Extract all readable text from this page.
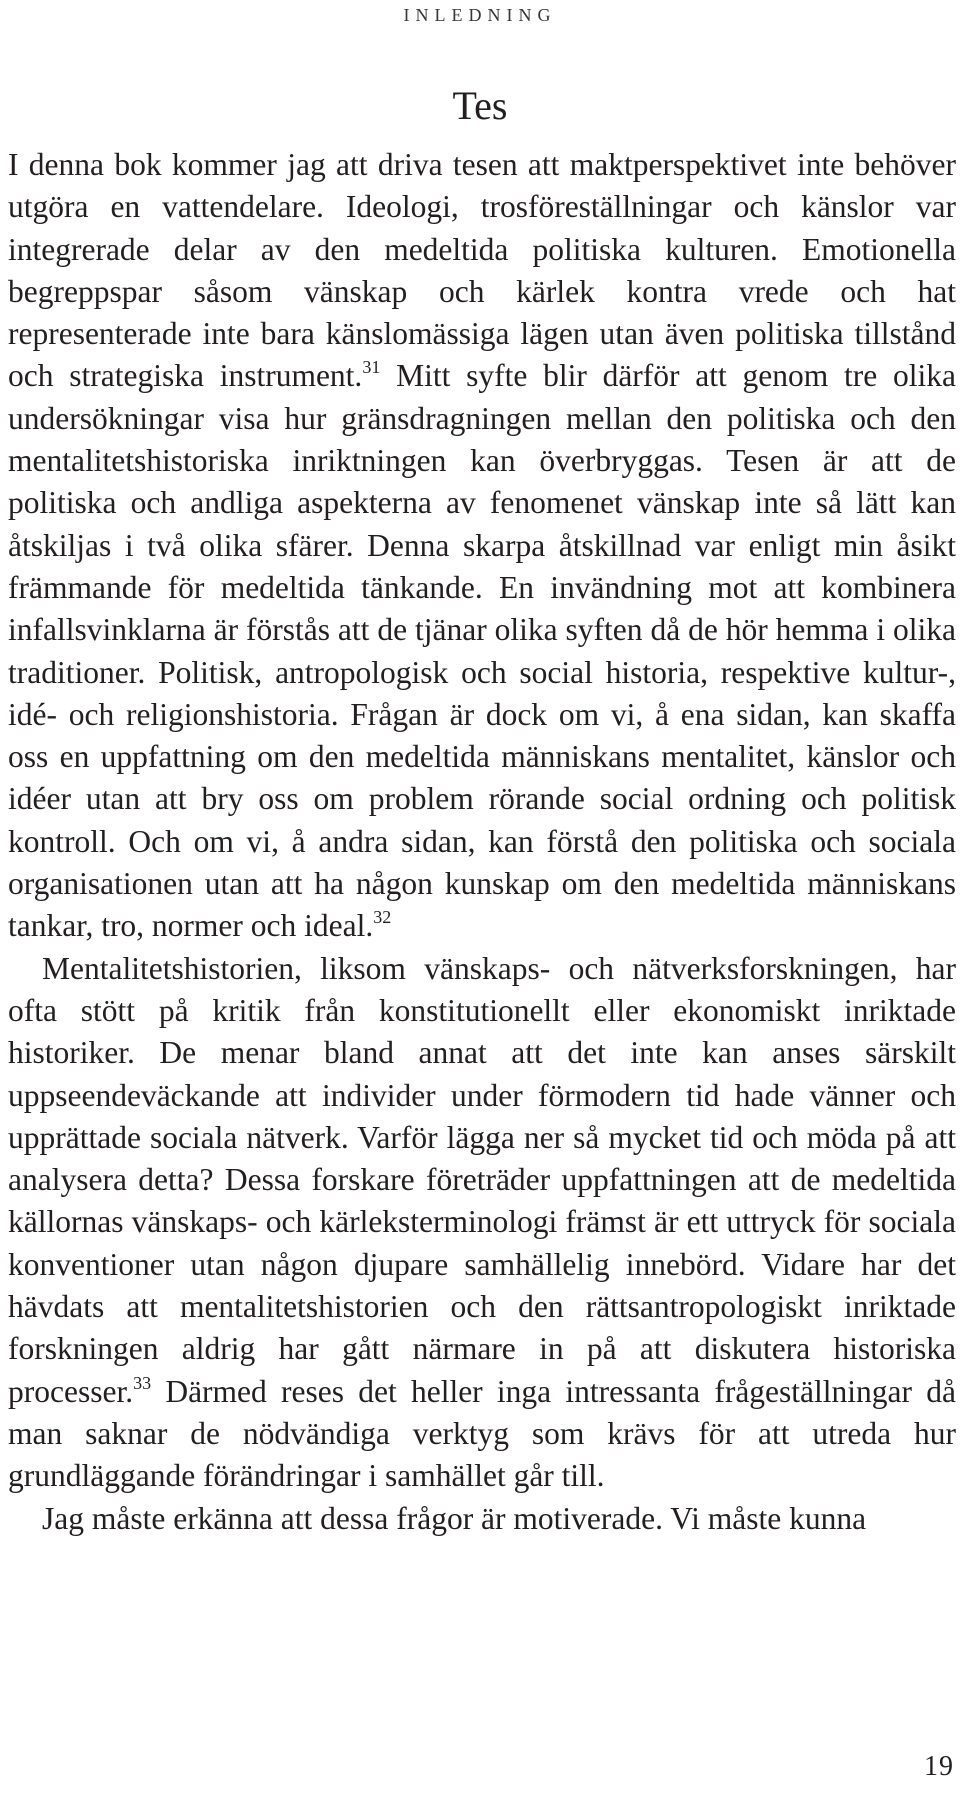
inledning
Tes

I denna bok kommer jag att driva tesen att maktperspektivet inte behöver utgöra en vattendelare. Ideologi, trosföreställningar och känslor var integrerade delar av den medeltida politiska kulturen. Emotionella begreppspar såsom vänskap och kärlek kontra vrede och hat representerade inte bara känslomässiga lägen utan även politiska tillstånd och strategiska instrument.$^{31}$ Mitt syfte blir därför att genom tre olika undersökningar visa hur gränsdragningen mellan den politiska och den mentalitetshistoriska inriktningen kan överbryggas. Tesen är att de politiska och andliga aspekterna av fenomenet vänskap inte så lätt kan åtskiljas i två olika sfärer. Denna skarpa åtskillnad var enligt min åsikt främmande för medeltida tänkande. En invändning mot att kombinera infallsvinklarna är förstås att de tjänar olika syften då de hör hemma i olika traditioner. Politisk, antropologisk och social historia, respektive kultur-, idé- och religionshistoria. Frågan är dock om vi, å ena sidan, kan skaffa oss en uppfattning om den medeltida människans mentalitet, känslor och idéer utan att bry oss om problem rörande social ordning och politisk kontroll. Och om vi, å andra sidan, kan förstå den politiska och sociala organisationen utan att ha någon kunskap om den medeltida människans tankar, tro, normer och ideal.$^{32}$

Mentalitetshistorien, liksom vänskaps- och nätverksforskningen, har ofta stött på kritik från konstitutionellt eller ekonomiskt inriktade historiker. De menar bland annat att det inte kan anses särskilt uppseendeväckande att individer under förmodern tid hade vänner och upprättade sociala nätverk. Varför lägga ner så mycket tid och möda på att analysera detta? Dessa forskare företräder uppfattningen att de medeltida källornas vänskaps- och kärleksterminologi främst är ett uttryck för sociala konventioner utan någon djupare samhällelig innebörd. Vidare har det hävdats att mentalitetshistorien och den rättsantropologiskt inriktade forskningen aldrig har gått närmare in på att diskutera historiska processer.$^{33}$ Därmed reses det heller inga intressanta frågeställningar då man saknar de nödvändiga verktyg som krävs för att utreda hur grundläggande förändringar i samhället går till.

Jag måste erkänna att dessa frågor är motiverade. Vi måste kunna

19
